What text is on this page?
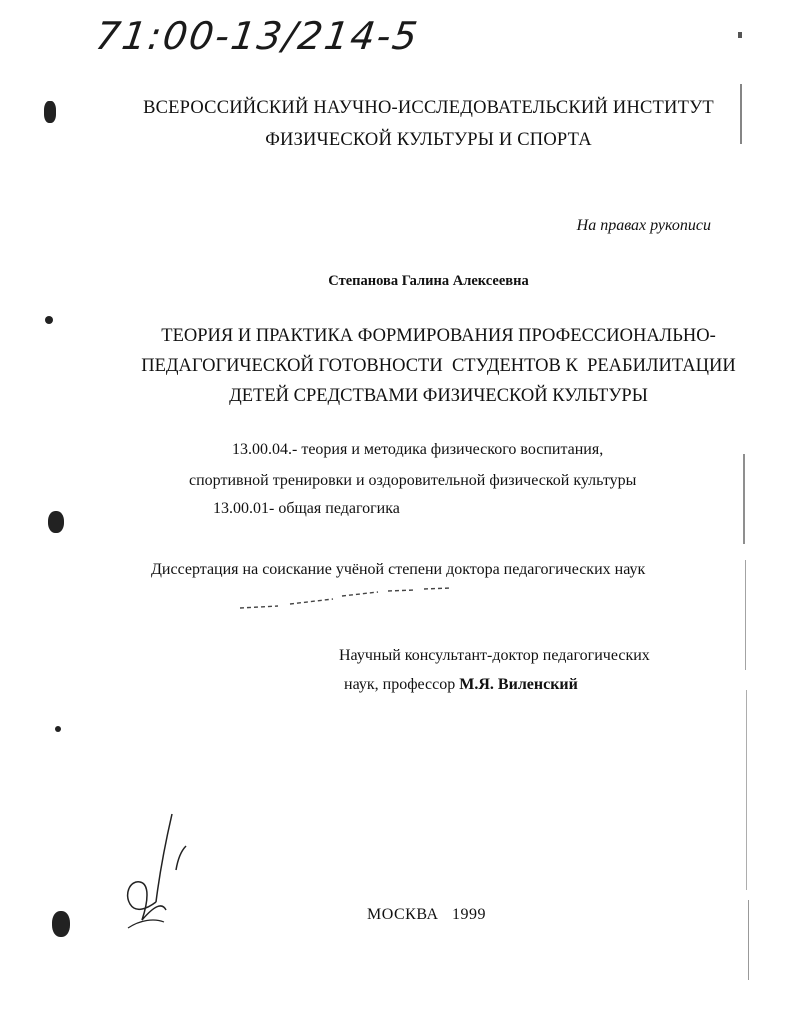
71:00-13/214-5
ВСЕРОССИЙСКИЙ НАУЧНО-ИССЛЕДОВАТЕЛЬСКИЙ ИНСТИТУТ
ФИЗИЧЕСКОЙ КУЛЬТУРЫ И СПОРТА
На правах рукописи
Степанова Галина Алексеевна
ТЕОРИЯ И ПРАКТИКА ФОРМИРОВАНИЯ ПРОФЕССИОНАЛЬНО-
ПЕДАГОГИЧЕСКОЙ ГОТОВНОСТИ  СТУДЕНТОВ К  РЕАБИЛИТАЦИИ
ДЕТЕЙ СРЕДСТВАМИ ФИЗИЧЕСКОЙ КУЛЬТУРЫ
13.00.04.- теория и методика физического воспитания,
спортивной тренировки и оздоровительной физической культуры
13.00.01- общая педагогика
Диссертация на соискание учёной степени доктора педагогических наук
Научный консультант-доктор педагогических
наук, профессор М.Я. Виленский
МОСКВА   1999
